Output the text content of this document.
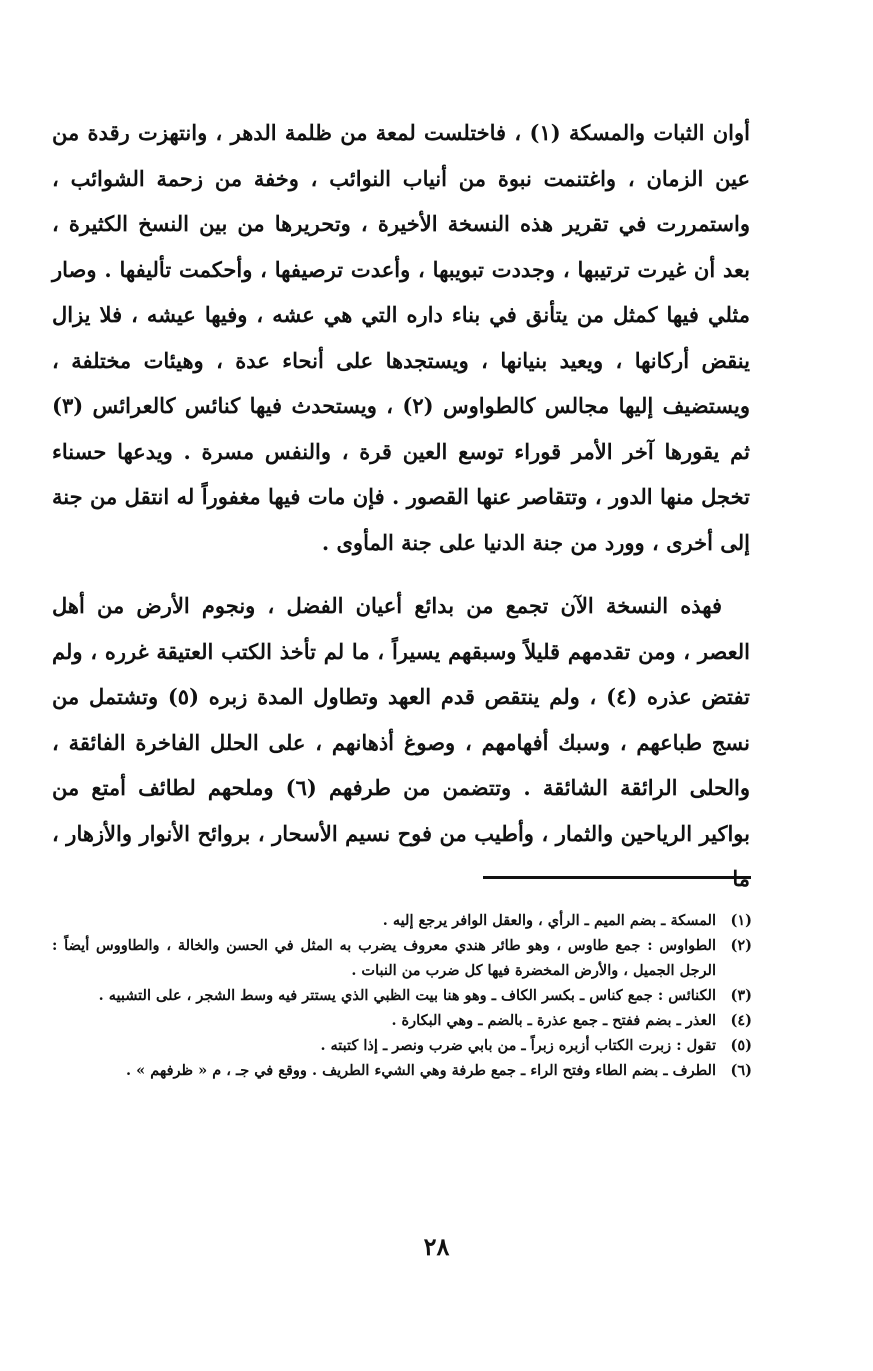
أوان الثبات والمسكة (١) ، فاختلست لمعة من ظلمة الدهر ، وانتهزت رقدة من عين الزمان ، واغتنمت نبوة من أنياب النوائب ، وخفة من زحمة الشوائب ، واستمررت في تقرير هذه النسخة الأخيرة ، وتحريرها من بين النسخ الكثيرة ، بعد أن غيرت ترتيبها ، وجددت تبويبها ، وأعدت ترصيفها ، وأحكمت تأليفها . وصار مثلي فيها كمثل من يتأنق في بناء داره التي هي عشه ، وفيها عيشه ، فلا يزال ينقض أركانها ، ويعيد بنيانها ، ويستجدها على أنحاء عدة ، وهيئات مختلفة ، ويستضيف إليها مجالس كالطواوس (٢) ، ويستحدث فيها كنائس كالعرائس (٣) ثم يقورها آخر الأمر قوراء توسع العين قرة ، والنفس مسرة . ويدعها حسناء تخجل منها الدور ، وتتقاصر عنها القصور . فإن مات فيها مغفوراً له انتقل من جنة إلى أخرى ، وورد من جنة الدنيا على جنة المأوى .

فهذه النسخة الآن تجمع من بدائع أعيان الفضل ، ونجوم الأرض من أهل العصر ، ومن تقدمهم قليلاً وسبقهم يسيراً ، ما لم تأخذ الكتب العتيقة غرره ، ولم تفتض عذره (٤) ، ولم ينتقص قدم العهد وتطاول المدة زبره (٥) وتشتمل من نسج طباعهم ، وسبك أفهامهم ، وصوغ أذهانهم ، على الحلل الفاخرة الفائقة ، والحلى الرائقة الشائقة . وتتضمن من طرفهم (٦) وملحهم لطائف أمتع من بواكير الرياحين والثمار ، وأطيب من فوح نسيم الأسحار ، بروائح الأنوار والأزهار ، ما

(١)
المسكة ـ بضم الميم ـ الرأي ، والعقل الوافر يرجع إليه .
(٢)
الطواوس : جمع طاوس ، وهو طائر هندي معروف يضرب به المثل في الحسن والخالة ، والطاووس أيضاً : الرجل الجميل ، والأرض المخضرة فيها كل ضرب من النبات .
(٣)
الكنائس : جمع كناس ـ بكسر الكاف ـ وهو هنا بيت الظبي الذي يستتر فيه وسط الشجر ، على التشبيه .
(٤)
العذر ـ بضم ففتح ـ جمع عذرة ـ بالضم ـ وهي البكارة .
(٥)
تقول : زبرت الكتاب أزبره زبراً ـ من بابي ضرب ونصر ـ إذا كتبته .
(٦)
الطرف ـ بضم الطاء وفتح الراء ـ جمع طرفة وهي الشيء الطريف . ووقع في جـ ، م « ظرفهم » .
٢٨
